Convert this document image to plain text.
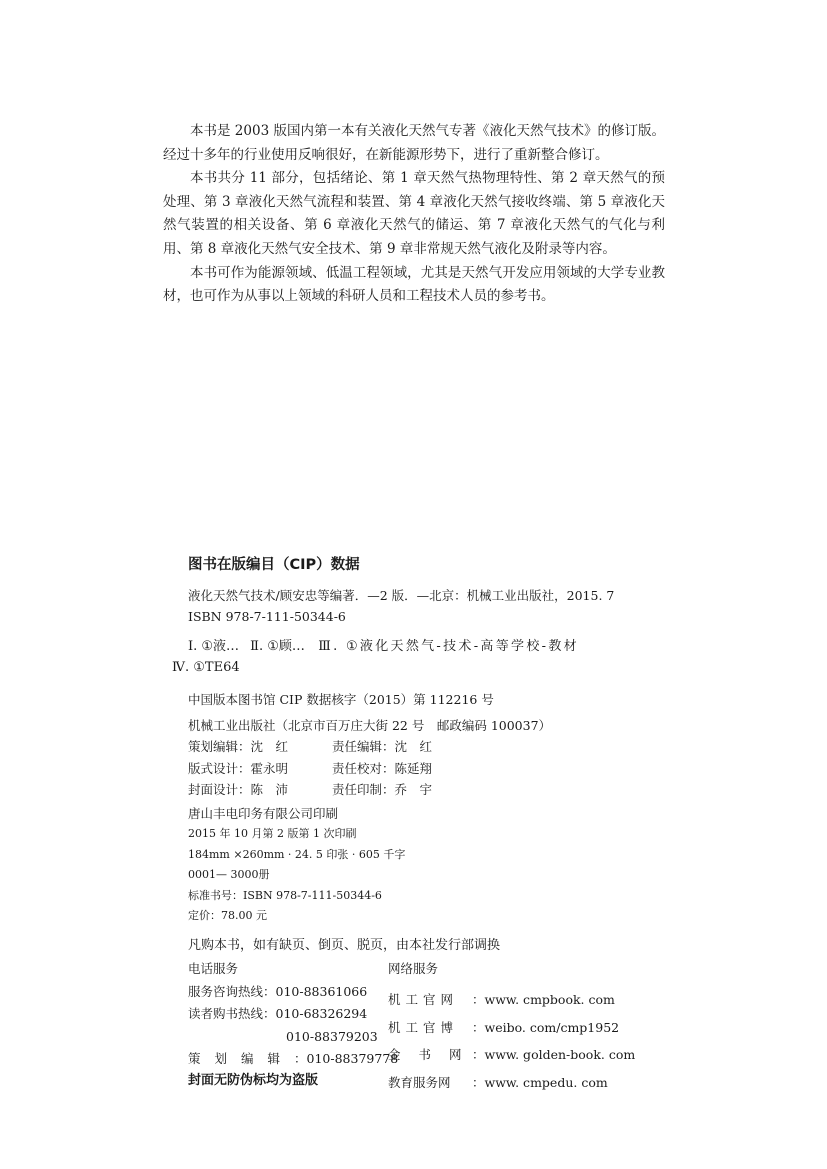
本书是 2003 版国内第一本有关液化天然气专著《液化天然气技术》的修订版。经过十多年的行业使用反响很好，在新能源形势下，进行了重新整合修订。

本书共分 11 部分，包括绪论、第 1 章天然气热物理特性、第 2 章天然气的预处理、第 3 章液化天然气流程和装置、第 4 章液化天然气接收终端、第 5 章液化天然气装置的相关设备、第 6 章液化天然气的储运、第 7 章液化天然气的气化与利用、第 8 章液化天然气安全技术、第 9 章非常规天然气液化及附录等内容。

本书可作为能源领域、低温工程领域，尤其是天然气开发应用领域的大学专业教材，也可作为从事以上领域的科研人员和工程技术人员的参考书。

图书在版编目（CIP）数据
液化天然气技术/顾安忠等编著．—2 版．—北京：机械工业出版社，2015. 7
ISBN 978-7-111-50344-6
Ⅰ. ①液… Ⅱ. ①顾… Ⅲ. ①液化天然气-技术-高等学校-教材
Ⅳ. ①TE64
中国版本图书馆 CIP 数据核字（2015）第 112216 号
机械工业出版社（北京市百万庄大街 22 号　邮政编码 100037）
策划编辑：沈　红	责任编辑：沈　红
版式设计：霍永明	责任校对：陈延翔
封面设计：陈　沛	责任印制：乔　宇
唐山丰电印务有限公司印刷
2015 年 10 月第 2 版第 1 次印刷
184mm ×260mm · 24. 5 印张 · 605 千字
0001— 3000册
标准书号：ISBN 978-7-111-50344-6
定价：78.00 元
凡购本书，如有缺页、倒页、脱页，由本社发行部调换
电话服务
服务咨询热线：010-88361066
读者购书热线：010-68326294
010-88379203
策划编辑：010-88379778
网络服务
机工官网 ：www. cmpbook. com
机工官博 ：weibo. com/cmp1952
金书网：www. golden-book. com
教育服务网 ：www. cmpedu. com
封面无防伪标均为盗版
